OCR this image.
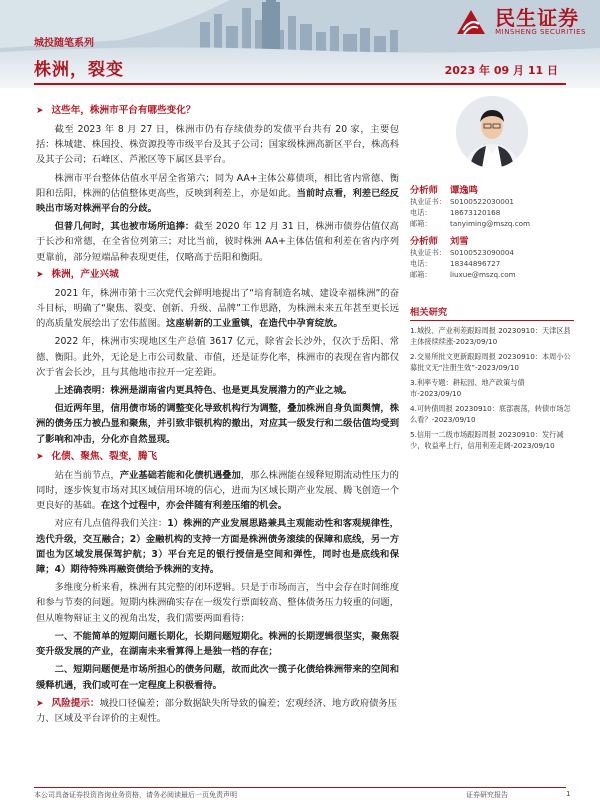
民生证券
MINSHENG SECURITIES
城投随笔系列
株洲，裂变	2023 年 09 月 11 日
➤ 这些年，株洲市平台有哪些变化？

截至 2023 年 8 月 27 日，株洲市仍有存续债券的发债平台共有 20 家，主要包括：株城建、株国投、株资源投等市级平台及其子公司；国家级株洲高新区平台，株高科及其子公司；石峰区、芦淞区等下属区县平台。

株洲市平台整体估值水平居全省第六；同为 AA+主体公募债项，相比省内常德、衡阳和岳阳，株洲的估值整体更高些，反映到利差上，亦是如此。当前时点看，利差已经反映出市场对株洲平台的分歧。

但普几何时，其也被市场所追捧：截至 2020 年 12 月 31 日，株洲市债券估值仅高于长沙和常德，在全省位列第三；对比当前，彼时株洲 AA+主体估值和利差在省内序列更靠前，部分短端品种表现更佳，仅略高于岳阳和衡阳。

➤ 株洲，产业兴城

2021 年，株洲市第十三次党代会鲜明地提出了“培育制造名城、建设幸福株洲”的奋斗目标，明确了“聚焦、裂变、创新、升级、品牌”工作思路，为株洲未来五年甚至更长远的高质量发展绘出了宏伟蓝图。这座崭新的工业重镇，在造代中孕育绽放。

2022 年，株洲市实现地区生产总值 3617 亿元，除省会长沙外，仅次于岳阳、常德、衡阳。此外，无论是上市公司数量、市值，还是证券化率，株洲市的表现在省内都仅次于省会长沙，且与其他地市拉开一定差距。

上述确表明：株洲是湖南省内更具特色、也是更具发展潜力的产业之城。

但近两年里，信用债市场的调整变化导致机构行为调整，叠加株洲自身负面舆情，株洲的债务压力被凸显和聚焦，并引致非银机构的撤出，对应其一级发行和二级估值均受到了影响和冲击，分化亦自然显现。

➤ 化债、聚焦、裂变，腾飞

站在当前节点，产业基础若能和化债机遇叠加，那么株洲能在缓释短期流动性压力的同时，逐步恢复市场对其区域信用环境的信心，进而为区域长期产业发展、腾飞创造一个更良好的基础。在这个过程中，亦会伴随有利差压缩的机会。

对应有几点值得我们关注：1）株洲的产业发展思路兼具主观能动性和客观规律性，迭代升级，交互融合；2）金融机构的支持一方面是株洲债务滚续的保障和底线，另一方面也为区域发展保驾护航；3）平台充足的银行授信是空间和弹性，同时也是底线和保障；4）期待特殊再融资债给予株洲的支持。

多维度分析来看，株洲有其完整的闭环逻辑。只是于市场而言，当中会存在时间维度和参与节奏的问题。短期内株洲确实存在一级发行票面较高、整体债务压力较重的问题，但从唯物辩证主义的视角出发，我们需要两面看待：

一、不能简单的短期问题长期化，长期问题短期化。株洲的长期逻辑很坚实，聚焦裂变升级发展的产业，在湖南未来看算得上是独一档的存在；

二、短期问题便是市场所担心的债务问题，故而此次一揽子化债给株洲带来的空间和缓释机遇，我们或可在一定程度上积极看待。

➤ 风险提示：城投口径偏差；部分数据缺失所导致的偏差；宏观经济、地方政府债务压力、区域及平台评价的主观性。
分析师	谭逸鸣
执业证书： S0100522030001
电话：	18673120168
邮箱：	tanyiming@mszq.com
分析师	刘雪
执业证书： S0100523090004
电话：	18344896727
邮箱：	liuxue@mszq.com
相关研究
1.城投、产业利差跟踪周报 20230910：天津区县主体接续续涨-2023/09/10
2.交易所批文更新跟踪周报 20230910：本周小公募批文无“注册生效”-2023/09/10
3.利率专题：耕耘园、地产政策与债市-2023/09/10
4.可转债周报 20230910：底部震荡，转债市场怎么看？-2023/09/10
5.信用一二级市场跟踪周报 20230910：发行减少，收益率上行，信用利差走阔-2023/09/10
本公司具备证券投资咨询业务资格，请务必阅读最后一页免责声明	证券研究报告	1
